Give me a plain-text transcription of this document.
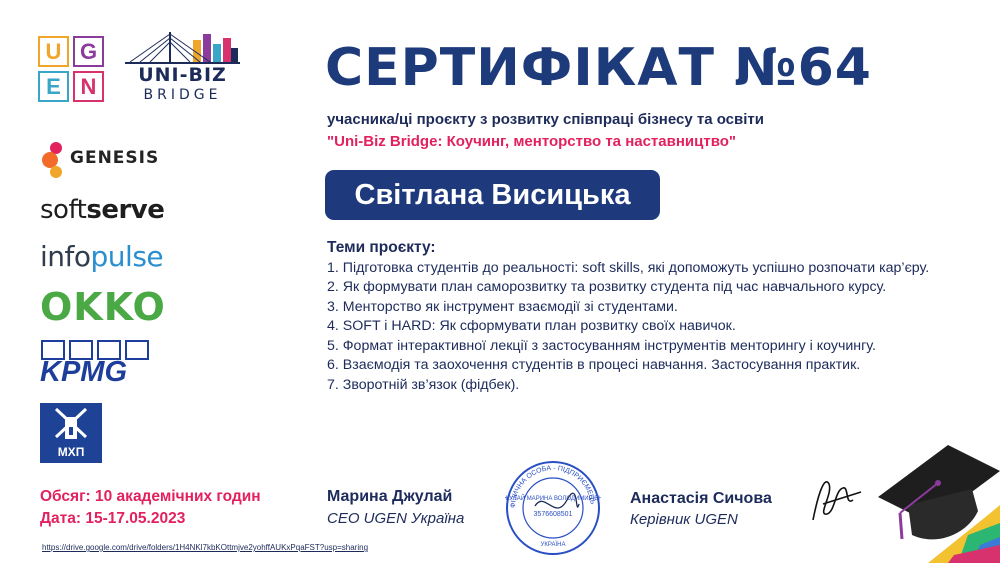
U G
E N	UNI-BIZ
BRIDGE
GENESIS
softserve
infopulse
OKKO
KPMG
МХП
СЕРТИФІКАТ №64
учасника/ці проєкту з розвитку співпраці бізнесу та освіти
"Uni-Biz Bridge: Коучинг, менторство та наставництво"
Світлана Висицька
Теми проєкту:

1. Підготовка студентів до реальності: soft skills, які допоможуть успішно розпочати кар’єру.

2. Як формувати план саморозвитку та розвитку студента під час навчального курсу.

3. Менторство як інструмент взаємодії зі студентами.

4. SOFT і HARD: Як сформувати план розвитку своїх навичок.

5. Формат інтерактивної лекції з застосуванням інструментів менторингу і коучингу.

6. Взаємодія та заохочення студентів в процесі навчання. Застосування практик.

7. Зворотній зв’язок (фідбек).

Обсяг: 10 академічних годин
Дата: 15-17.05.2023
https://drive.google.com/drive/folders/1H4NKl7kbKOttmjve2yohffAUKxPqaFST?usp=sharing
Марина Джулай
CEO UGEN Україна
ФІЗИЧНА ОСОБА - ПІДПРИЄМЕЦЬ
ЖУЛАЙ МАРИНА ВОЛОДИМИРІВН
3576608501
УКРАЇНА
Анастасія Сичова
Керівник UGEN
